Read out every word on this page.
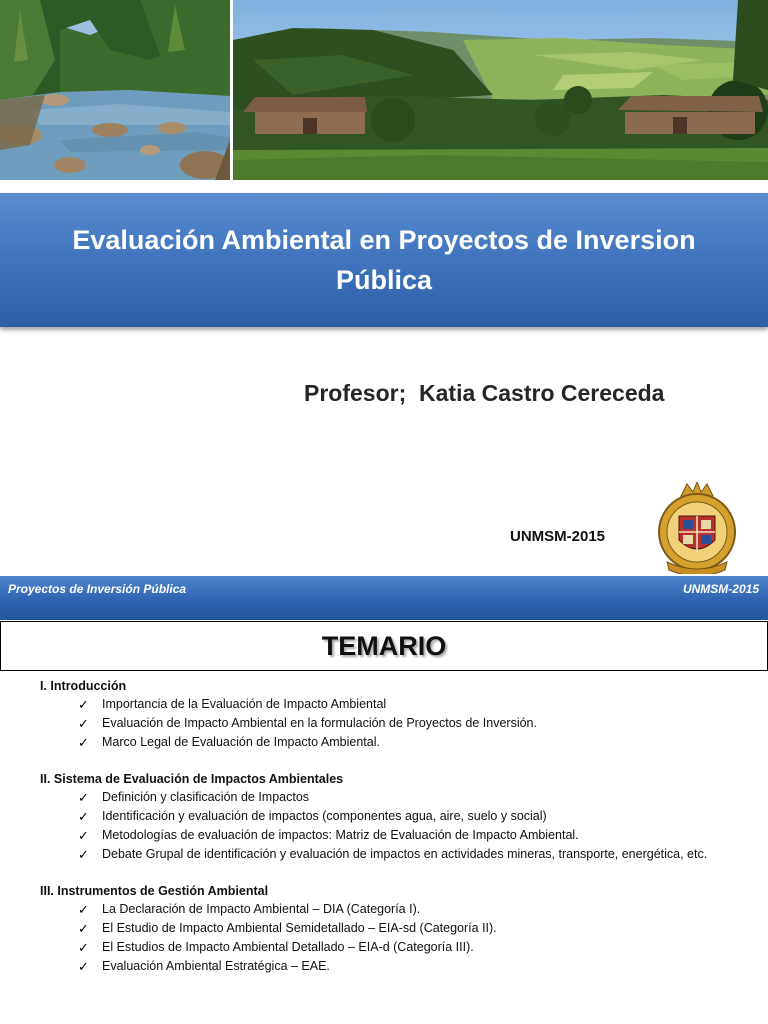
Evaluación Ambiental en Proyectos de Inversion Pública
Profesor;  Katia Castro Cereceda
UNMSM-2015
Proyectos de Inversión Pública	UNMSM-2015
TEMARIO
I. Introducción
✓ Importancia de la Evaluación de Impacto Ambiental
✓ Evaluación de Impacto Ambiental en la formulación de Proyectos de Inversión.
✓ Marco Legal de Evaluación de Impacto Ambiental.
II. Sistema de Evaluación de Impactos Ambientales
✓ Definición y clasificación de Impactos
✓ Identificación y evaluación de impactos (componentes agua, aire, suelo y social)
✓ Metodologías de evaluación de impactos: Matriz de Evaluación de Impacto Ambiental.
✓ Debate Grupal de identificación y evaluación de impactos en actividades mineras, transporte, energética, etc.
III. Instrumentos de Gestión Ambiental
✓ La Declaración de Impacto Ambiental – DIA (Categoría I).
✓ El Estudio de Impacto Ambiental Semidetallado – EIA-sd (Categoría II).
✓ El Estudios de Impacto Ambiental Detallado – EIA-d (Categoría III).
✓ Evaluación Ambiental Estratégica – EAE.
